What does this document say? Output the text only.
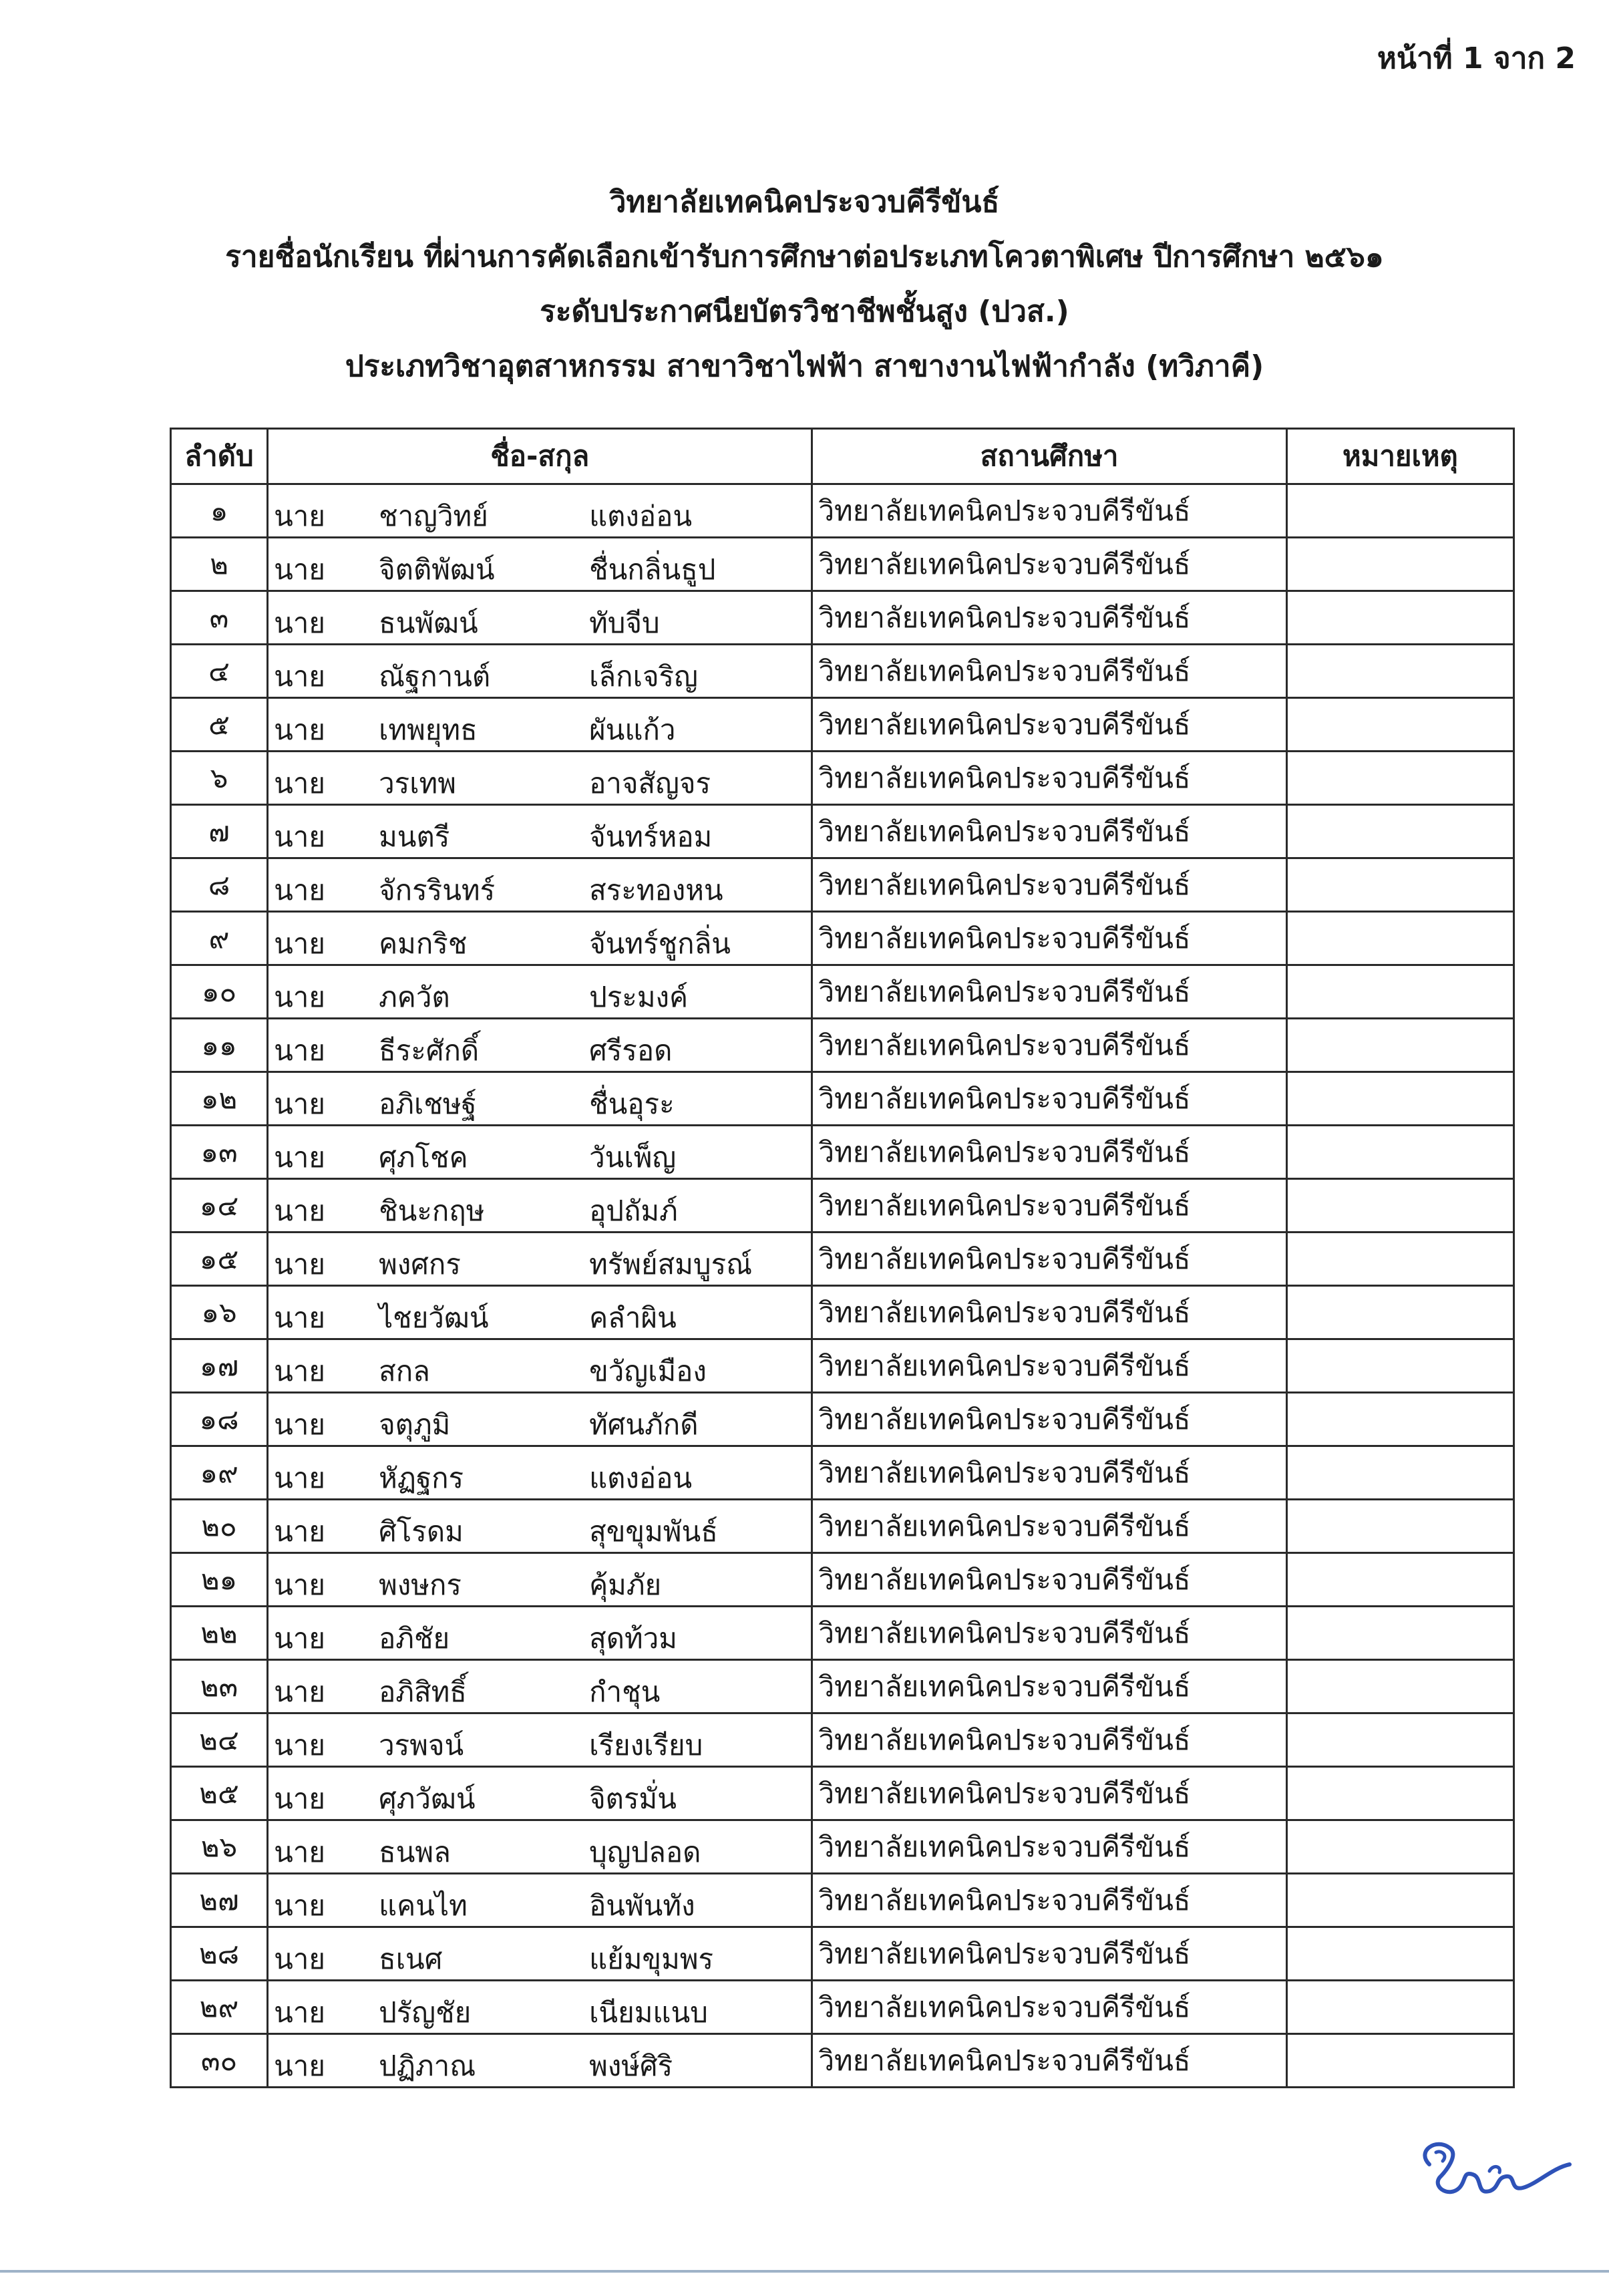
หน้าที่ 1 จาก 2
วิทยาลัยเทคนิคประจวบคีรีขันธ์
รายชื่อนักเรียน ที่ผ่านการคัดเลือกเข้ารับการศึกษาต่อประเภทโควตาพิเศษ ปีการศึกษา ๒๕๖๑
ระดับประกาศนียบัตรวิชาชีพชั้นสูง (ปวส.)
ประเภทวิชาอุตสาหกรรม สาขาวิชาไฟฟ้า สาขางานไฟฟ้ากำลัง (ทวิภาคี)
ลำดับ	ชื่อ-สกุล	สถานศึกษา	หมายเหตุ
๑	นาย ชาญวิทย์ แตงอ่อน	วิทยาลัยเทคนิคประจวบคีรีขันธ์	
๒	นาย จิตติพัฒน์ ชื่นกลิ่นธูป	วิทยาลัยเทคนิคประจวบคีรีขันธ์	
๓	นาย ธนพัฒน์ ทับจีบ	วิทยาลัยเทคนิคประจวบคีรีขันธ์	
๔	นาย ณัฐกานต์ เล็กเจริญ	วิทยาลัยเทคนิคประจวบคีรีขันธ์	
๕	นาย เทพยุทธ ผันแก้ว	วิทยาลัยเทคนิคประจวบคีรีขันธ์	
๖	นาย วรเทพ อาจสัญจร	วิทยาลัยเทคนิคประจวบคีรีขันธ์	
๗	นาย มนตรี จันทร์หอม	วิทยาลัยเทคนิคประจวบคีรีขันธ์	
๘	นาย จักรรินทร์ สระทองหน	วิทยาลัยเทคนิคประจวบคีรีขันธ์	
๙	นาย คมกริช จันทร์ชูกลิ่น	วิทยาลัยเทคนิคประจวบคีรีขันธ์	
๑๐	นาย ภควัต ประมงค์	วิทยาลัยเทคนิคประจวบคีรีขันธ์	
๑๑	นาย ธีระศักดิ์ ศรีรอด	วิทยาลัยเทคนิคประจวบคีรีขันธ์	
๑๒	นาย อภิเชษฐ์ ชื่นอุระ	วิทยาลัยเทคนิคประจวบคีรีขันธ์	
๑๓	นาย ศุภโชค วันเพ็ญ	วิทยาลัยเทคนิคประจวบคีรีขันธ์	
๑๔	นาย ชินะกฤษ อุปถัมภ์	วิทยาลัยเทคนิคประจวบคีรีขันธ์	
๑๕	นาย พงศกร ทรัพย์สมบูรณ์	วิทยาลัยเทคนิคประจวบคีรีขันธ์	
๑๖	นาย ไชยวัฒน์ คลำผิน	วิทยาลัยเทคนิคประจวบคีรีขันธ์	
๑๗	นาย สกล ขวัญเมือง	วิทยาลัยเทคนิคประจวบคีรีขันธ์	
๑๘	นาย จตุภูมิ ทัศนภักดี	วิทยาลัยเทคนิคประจวบคีรีขันธ์	
๑๙	นาย หัฏฐกร แตงอ่อน	วิทยาลัยเทคนิคประจวบคีรีขันธ์	
๒๐	นาย ศิโรดม สุขขุมพันธ์	วิทยาลัยเทคนิคประจวบคีรีขันธ์	
๒๑	นาย พงษกร คุ้มภัย	วิทยาลัยเทคนิคประจวบคีรีขันธ์	
๒๒	นาย อภิชัย สุดท้วม	วิทยาลัยเทคนิคประจวบคีรีขันธ์	
๒๓	นาย อภิสิทธิ์ กำชุน	วิทยาลัยเทคนิคประจวบคีรีขันธ์	
๒๔	นาย วรพจน์ เรียงเรียบ	วิทยาลัยเทคนิคประจวบคีรีขันธ์	
๒๕	นาย ศุภวัฒน์ จิตรมั่น	วิทยาลัยเทคนิคประจวบคีรีขันธ์	
๒๖	นาย ธนพล บุญปลอด	วิทยาลัยเทคนิคประจวบคีรีขันธ์	
๒๗	นาย แคนไท อินพันทัง	วิทยาลัยเทคนิคประจวบคีรีขันธ์	
๒๘	นาย ธเนศ แย้มขุมพร	วิทยาลัยเทคนิคประจวบคีรีขันธ์	
๒๙	นาย ปรัญชัย เนียมแนบ	วิทยาลัยเทคนิคประจวบคีรีขันธ์	
๓๐	นาย ปฏิภาณ พงษ์ศิริ	วิทยาลัยเทคนิคประจวบคีรีขันธ์	
